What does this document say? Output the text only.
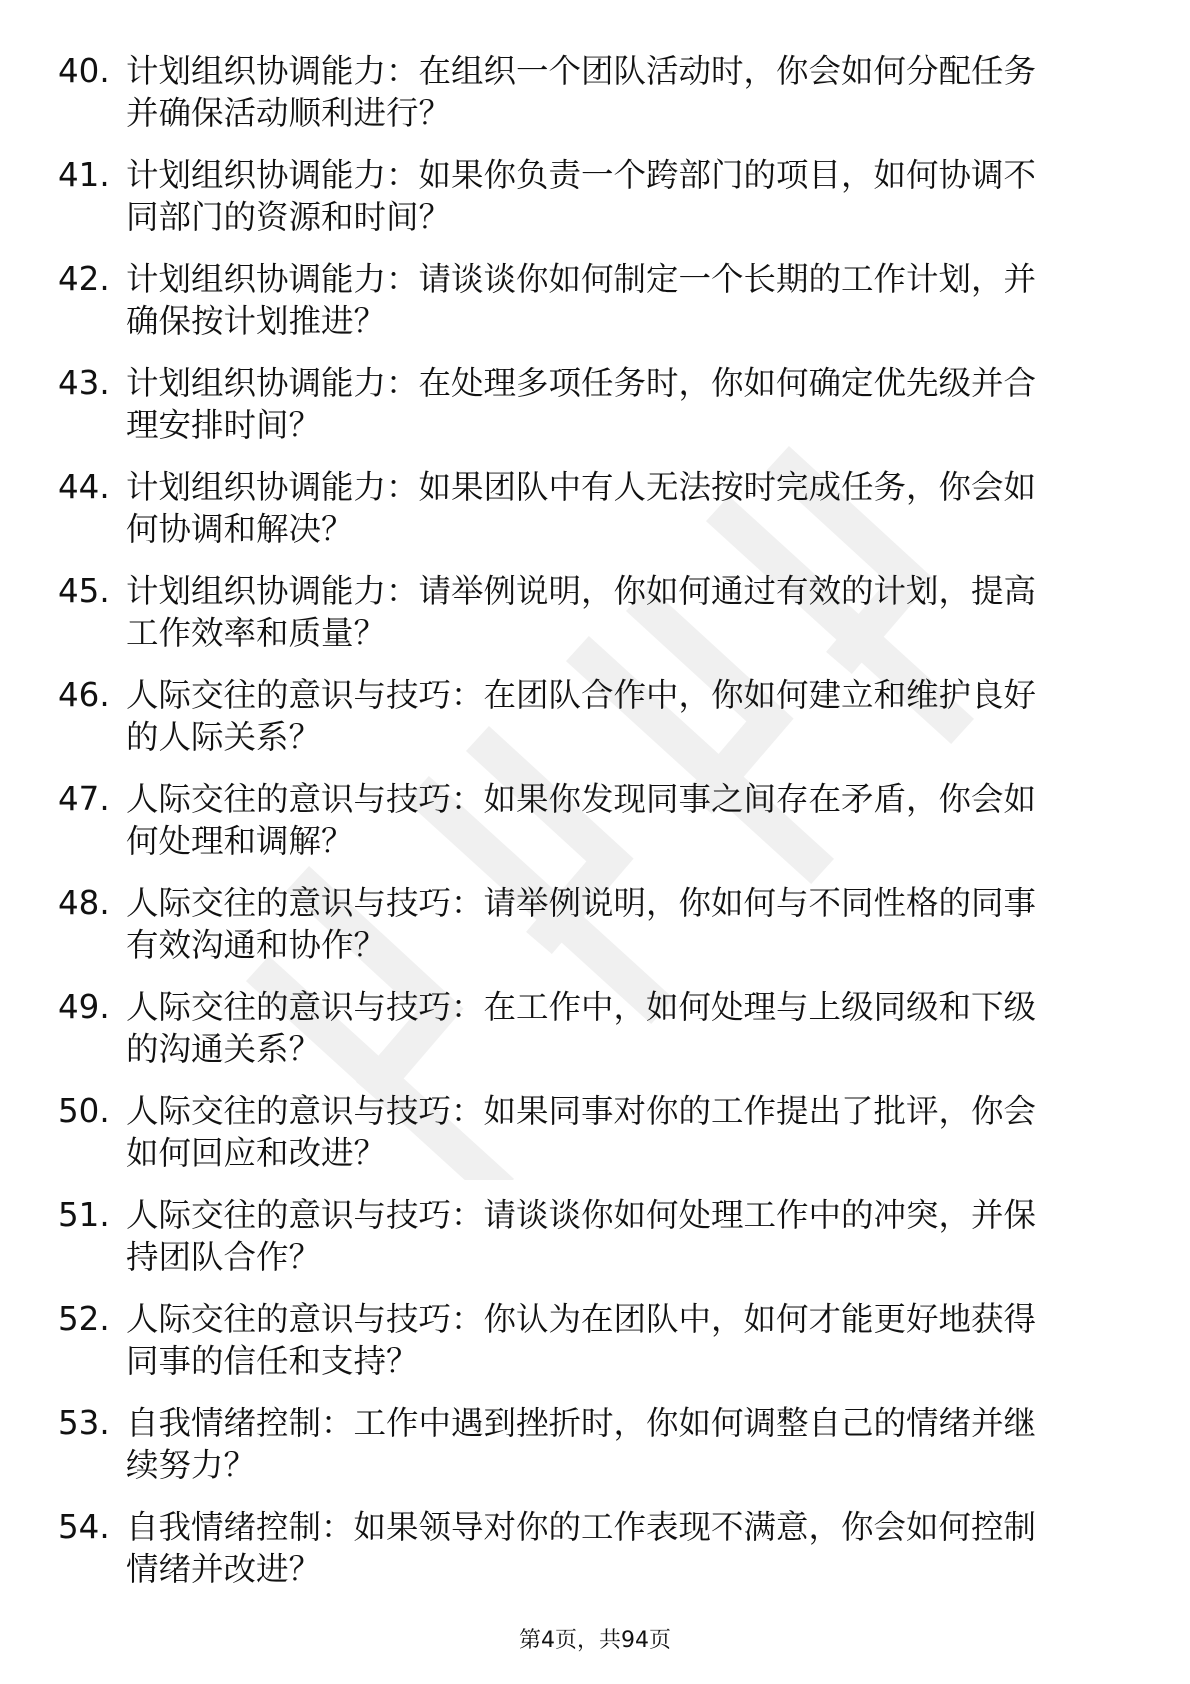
40. 计划组织协调能力：在组织一个团队活动时，你会如何分配任务
并确保活动顺利进行？
41. 计划组织协调能力：如果你负责一个跨部门的项目，如何协调不
同部门的资源和时间？
42. 计划组织协调能力：请谈谈你如何制定一个长期的工作计划，并
确保按计划推进？
43. 计划组织协调能力：在处理多项任务时，你如何确定优先级并合
理安排时间？
44. 计划组织协调能力：如果团队中有人无法按时完成任务，你会如
何协调和解决？
45. 计划组织协调能力：请举例说明，你如何通过有效的计划，提高
工作效率和质量？
46. 人际交往的意识与技巧：在团队合作中，你如何建立和维护良好
的人际关系？
47. 人际交往的意识与技巧：如果你发现同事之间存在矛盾，你会如
何处理和调解？
48. 人际交往的意识与技巧：请举例说明，你如何与不同性格的同事
有效沟通和协作？
49. 人际交往的意识与技巧：在工作中，如何处理与上级同级和下级
的沟通关系？
50. 人际交往的意识与技巧：如果同事对你的工作提出了批评，你会
如何回应和改进？
51. 人际交往的意识与技巧：请谈谈你如何处理工作中的冲突，并保
持团队合作？
52. 人际交往的意识与技巧：你认为在团队中，如何才能更好地获得
同事的信任和支持？
53. 自我情绪控制：工作中遇到挫折时，你如何调整自己的情绪并继
续努力？
54. 自我情绪控制：如果领导对你的工作表现不满意，你会如何控制
情绪并改进？
第4页，共94页
